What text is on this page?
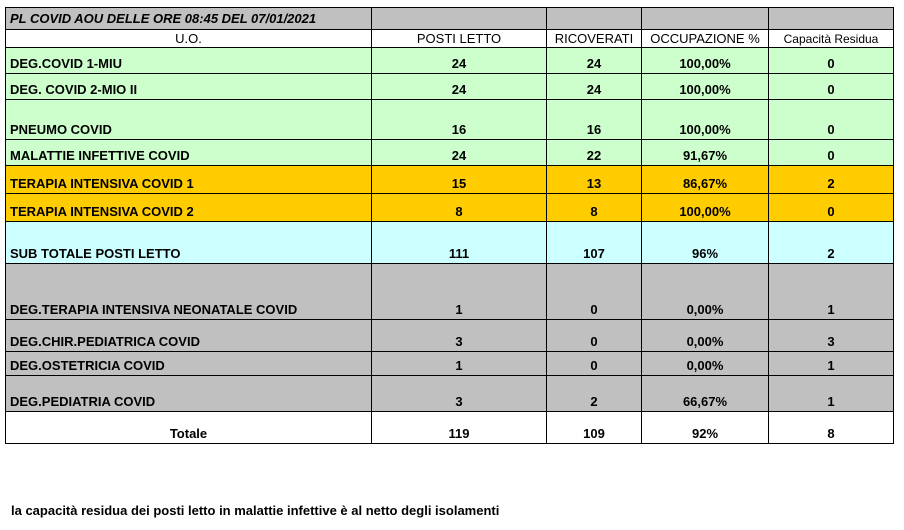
PL COVID AOU DELLE ORE 08:45 DEL 07/01/2021				
U.O.	POSTI LETTO	RICOVERATI	OCCUPAZIONE %	Capacità Residua
DEG.COVID 1-MIU	24	24	100,00%	0
DEG. COVID 2-MIO II	24	24	100,00%	0
PNEUMO COVID	16	16	100,00%	0
MALATTIE INFETTIVE COVID	24	22	91,67%	0
TERAPIA INTENSIVA COVID 1	15	13	86,67%	2
TERAPIA INTENSIVA COVID 2	8	8	100,00%	0
SUB TOTALE POSTI LETTO	111	107	96%	2
DEG.TERAPIA INTENSIVA NEONATALE COVID	1	0	0,00%	1
DEG.CHIR.PEDIATRICA COVID	3	0	0,00%	3
DEG.OSTETRICIA COVID	1	0	0,00%	1
DEG.PEDIATRIA COVID	3	2	66,67%	1
Totale	119	109	92%	8
la capacità residua dei posti letto in malattie infettive è al netto degli isolamenti
